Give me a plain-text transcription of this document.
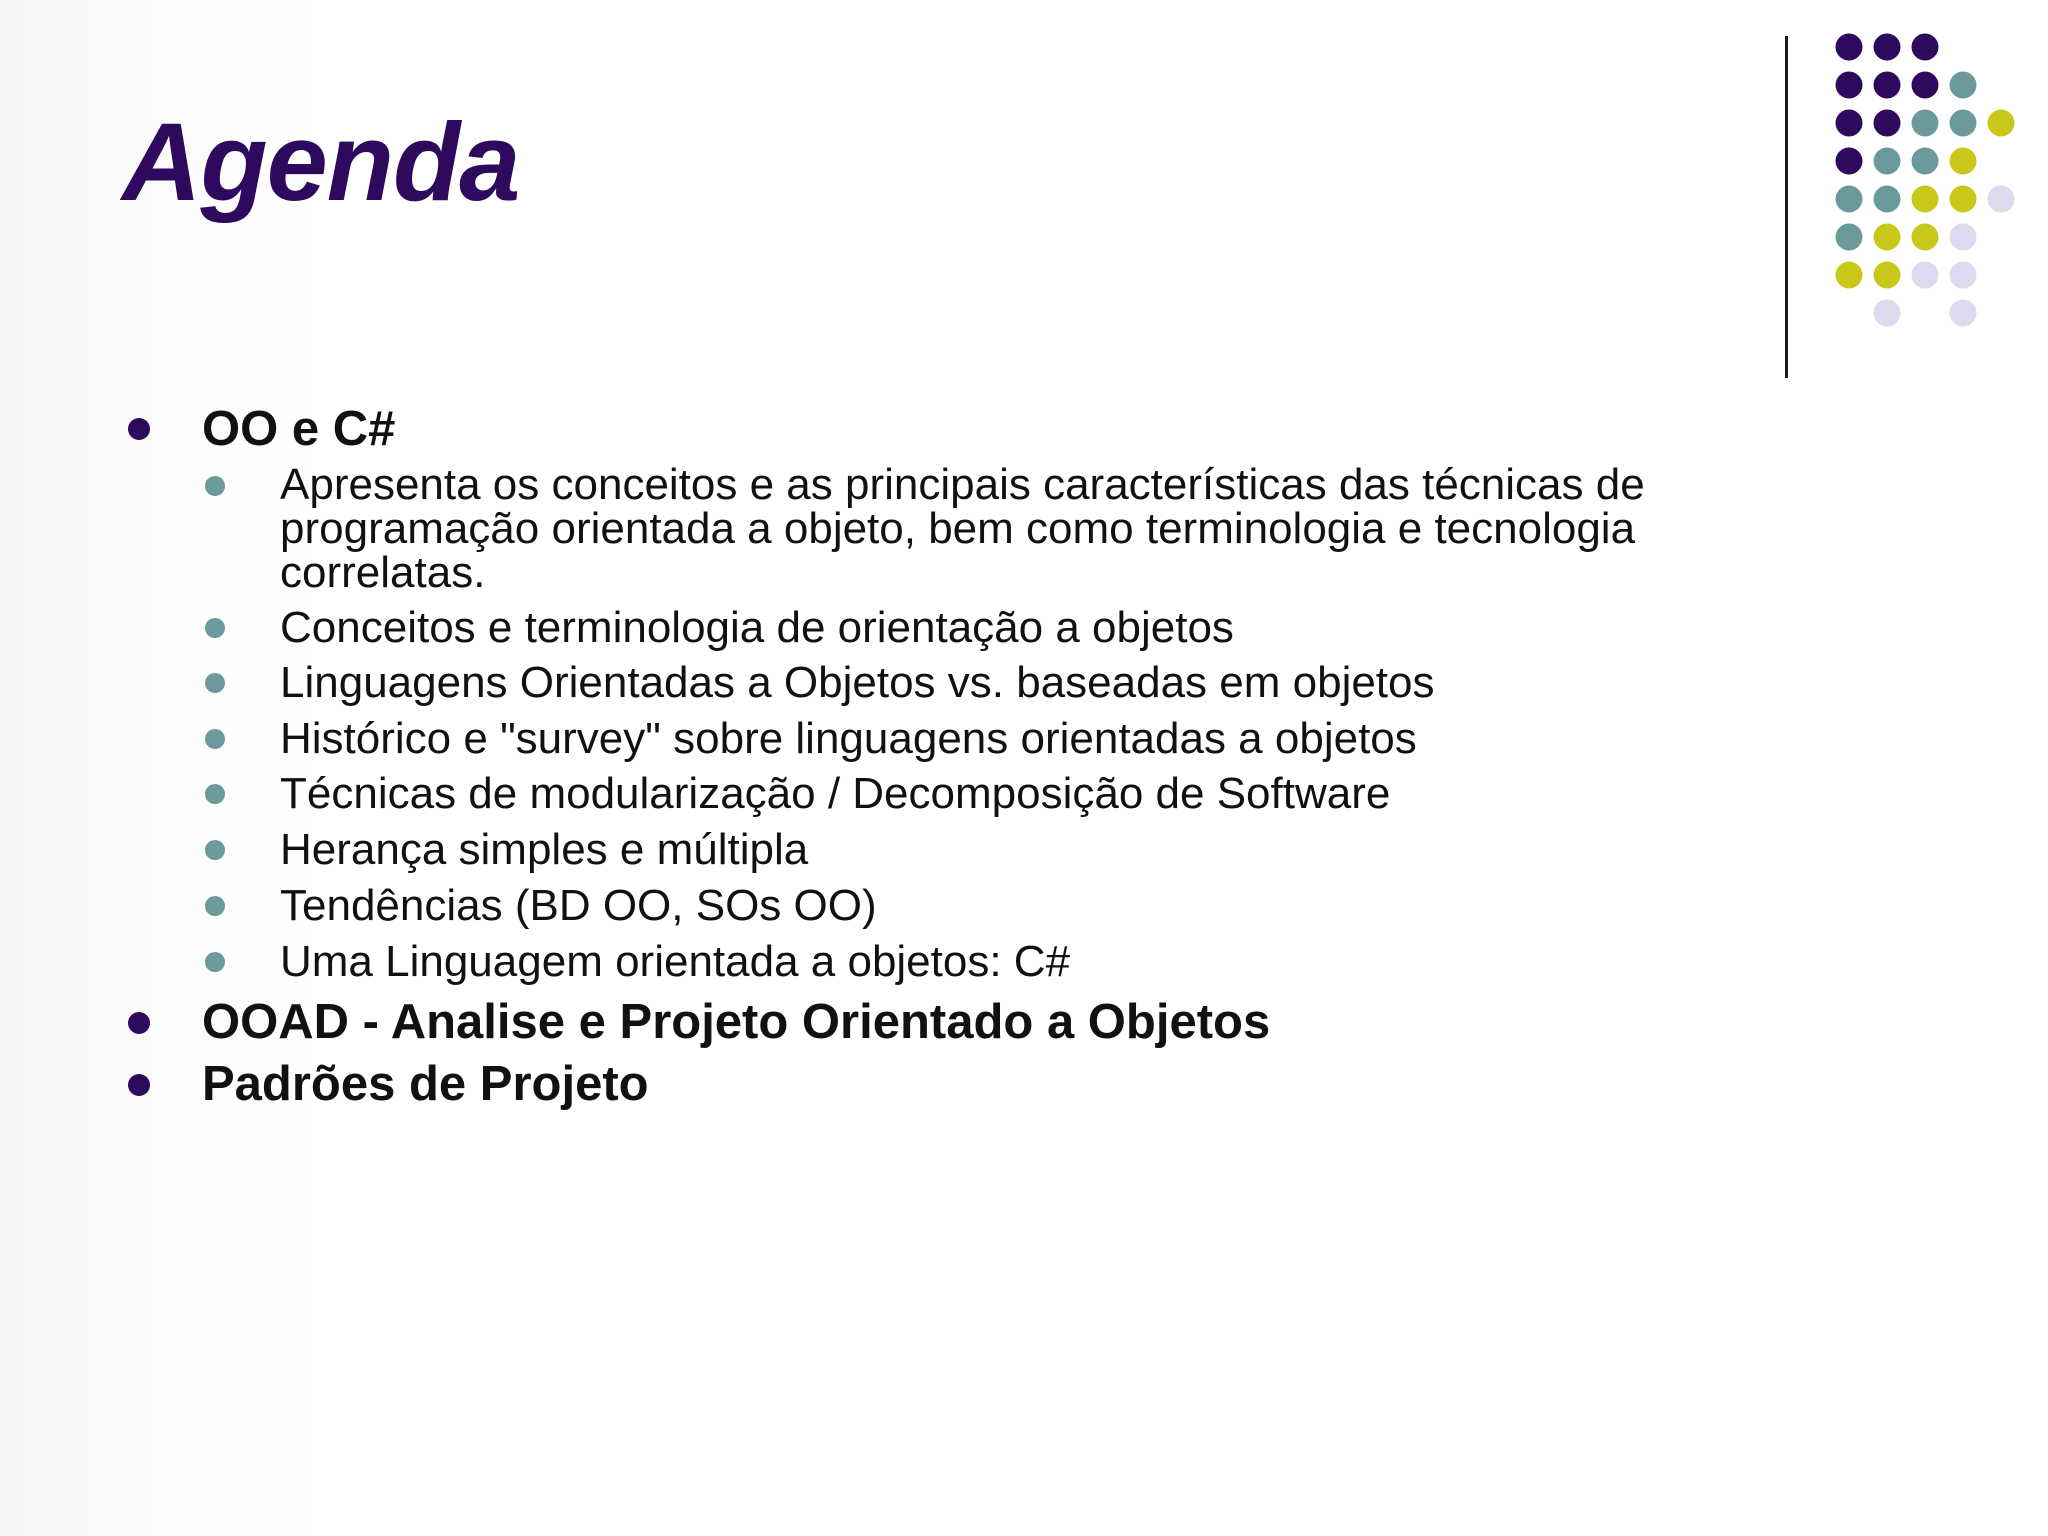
Agenda
OO e C#
Apresenta os conceitos e as principais características das técnicas de
programação orientada a objeto, bem como terminologia e tecnologia
correlatas.
Conceitos e terminologia de orientação a objetos
Linguagens Orientadas a Objetos vs. baseadas em objetos
Histórico e "survey" sobre linguagens orientadas a objetos
Técnicas de modularização / Decomposição de Software
Herança simples e múltipla
Tendências (BD OO, SOs OO)
Uma Linguagem orientada a objetos: C#
OOAD - Analise e Projeto Orientado a Objetos
Padrões de Projeto
